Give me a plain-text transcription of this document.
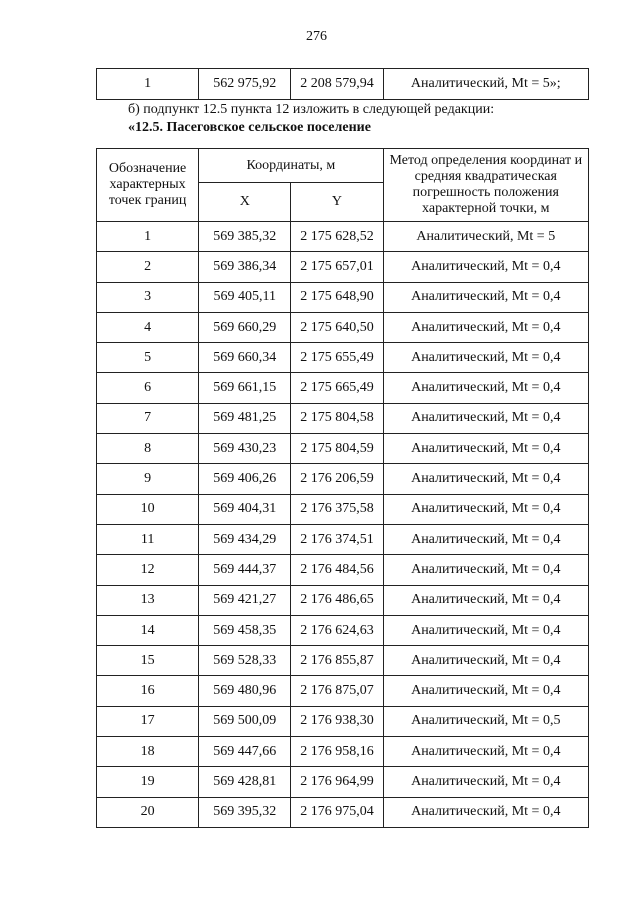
276
1	562 975,92	2 208 579,94	Аналитический, Mt = 5»;
б) подпункт 12.5 пункта 12 изложить в следующей редакции:
«12.5. Пасеговское сельское поселение
Обозначение характерных точек границ	Координаты, м		Метод определения координат и средняя квадратическая погрешность положения характерной точки, м
	X	Y	
1	569 385,32	2 175 628,52	Аналитический, Mt = 5
2	569 386,34	2 175 657,01	Аналитический, Mt = 0,4
3	569 405,11	2 175 648,90	Аналитический, Mt = 0,4
4	569 660,29	2 175 640,50	Аналитический, Mt = 0,4
5	569 660,34	2 175 655,49	Аналитический, Mt = 0,4
6	569 661,15	2 175 665,49	Аналитический, Mt = 0,4
7	569 481,25	2 175 804,58	Аналитический, Mt = 0,4
8	569 430,23	2 175 804,59	Аналитический, Mt = 0,4
9	569 406,26	2 176 206,59	Аналитический, Mt = 0,4
10	569 404,31	2 176 375,58	Аналитический, Mt = 0,4
11	569 434,29	2 176 374,51	Аналитический, Mt = 0,4
12	569 444,37	2 176 484,56	Аналитический, Mt = 0,4
13	569 421,27	2 176 486,65	Аналитический, Mt = 0,4
14	569 458,35	2 176 624,63	Аналитический, Mt = 0,4
15	569 528,33	2 176 855,87	Аналитический, Mt = 0,4
16	569 480,96	2 176 875,07	Аналитический, Mt = 0,4
17	569 500,09	2 176 938,30	Аналитический, Mt = 0,5
18	569 447,66	2 176 958,16	Аналитический, Mt = 0,4
19	569 428,81	2 176 964,99	Аналитический, Mt = 0,4
20	569 395,32	2 176 975,04	Аналитический, Mt = 0,4
